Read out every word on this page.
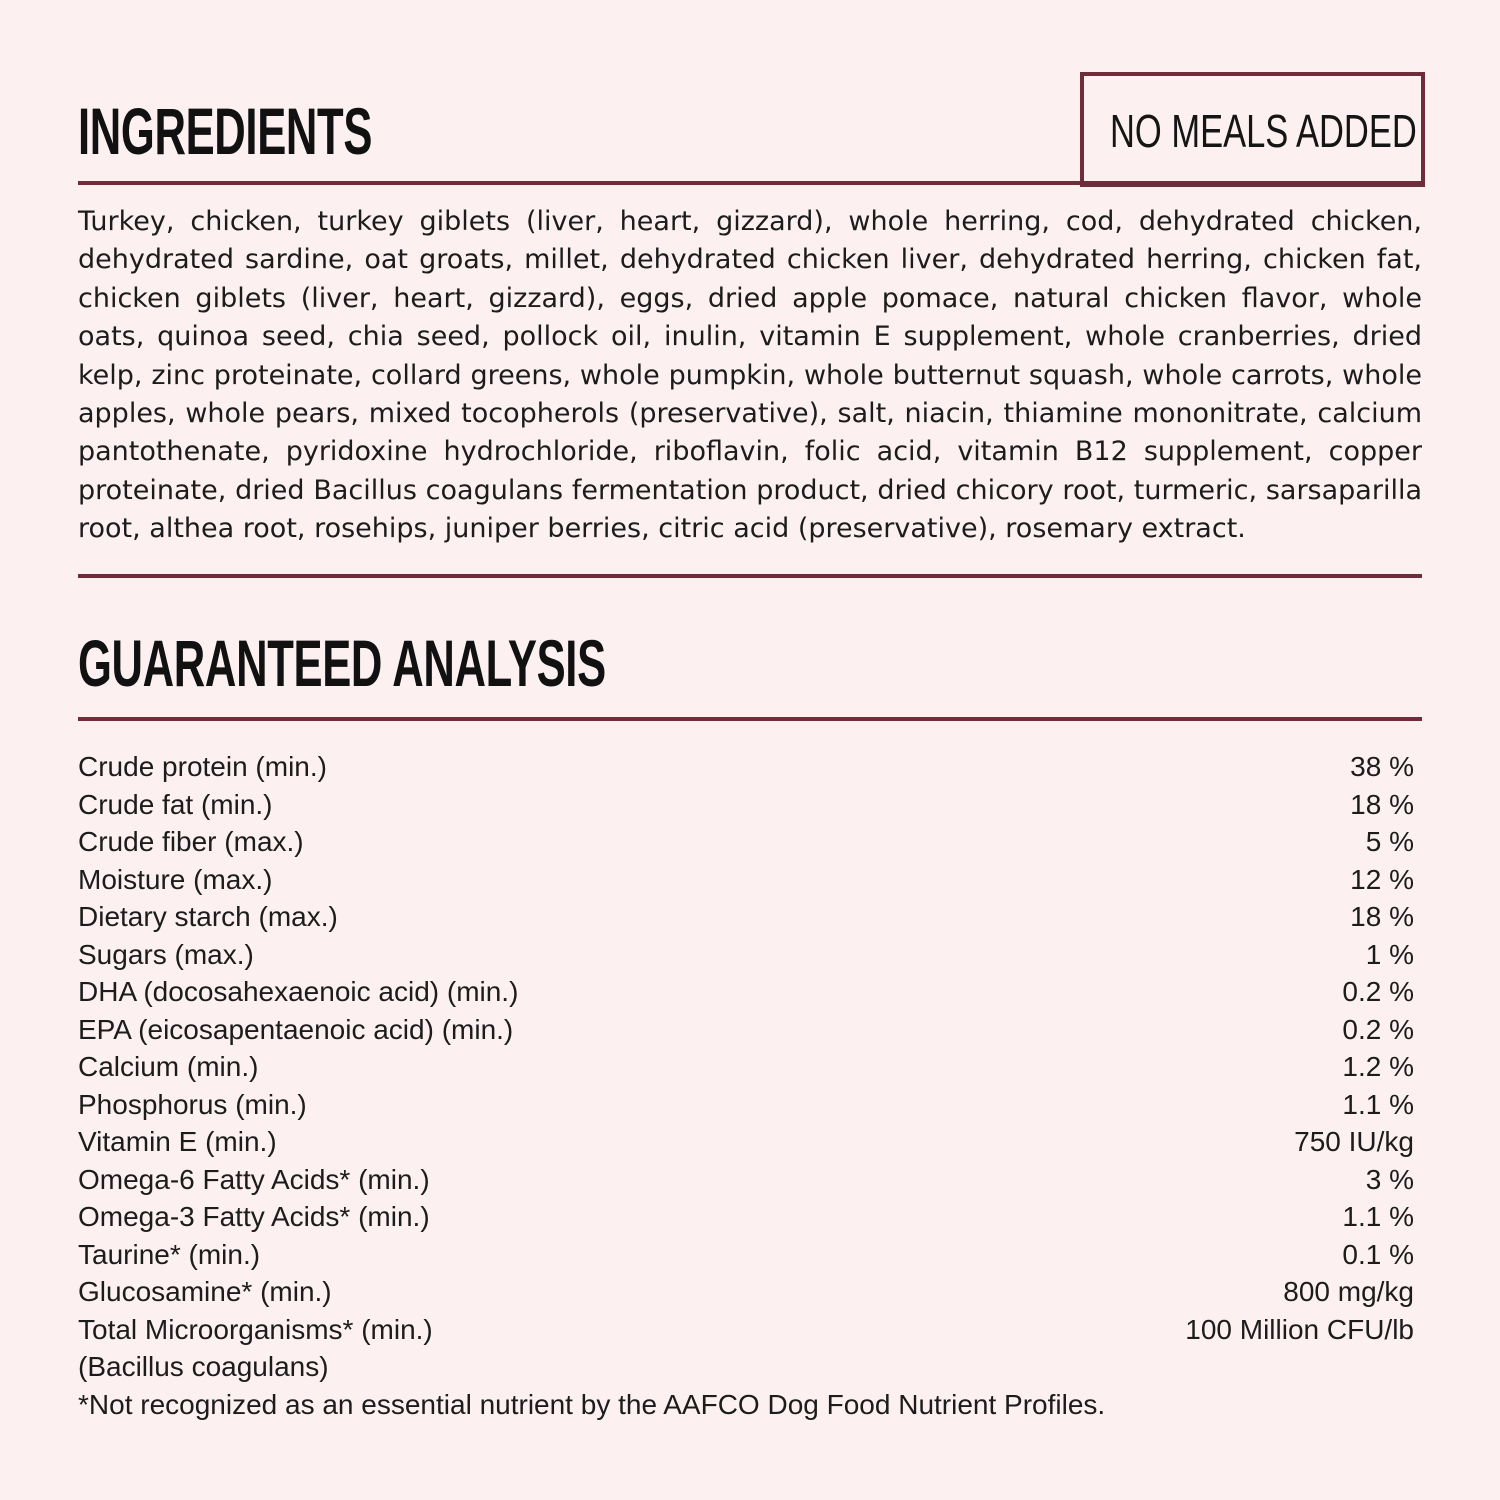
INGREDIENTS	NO MEALS ADDED

Turkey, chicken, turkey giblets (liver, heart, gizzard), whole herring, cod, dehydrated chicken, dehydrated sardine, oat groats, millet, dehydrated chicken liver, dehydrated herring, chicken fat, chicken giblets (liver, heart, gizzard), eggs, dried apple pomace, natural chicken flavor, whole oats, quinoa seed, chia seed, pollock oil, inulin, vitamin E supplement, whole cranberries, dried kelp, zinc proteinate, collard greens, whole pumpkin, whole butternut squash, whole carrots, whole apples, whole pears, mixed tocopherols (preservative), salt, niacin, thiamine mononitrate, calcium pantothenate, pyridoxine hydrochloride, riboflavin, folic acid, vitamin B12 supplement, copper proteinate, dried Bacillus coagulans fermentation product, dried chicory root, turmeric, sarsaparilla root, althea root, rosehips, juniper berries, citric acid (preservative), rosemary extract.

GUARANTEED ANALYSIS
Crude protein (min.)	38 %
Crude fat (min.)	18 %
Crude fiber (max.)	5 %
Moisture (max.)	12 %
Dietary starch (max.)	18 %
Sugars (max.)	1 %
DHA (docosahexaenoic acid) (min.)	0.2 %
EPA (eicosapentaenoic acid) (min.)	0.2 %
Calcium (min.)	1.2 %
Phosphorus (min.)	1.1 %
Vitamin E (min.)	750 IU/kg
Omega-6 Fatty Acids* (min.)	3 %
Omega-3 Fatty Acids* (min.)	1.1 %
Taurine* (min.)	0.1 %
Glucosamine* (min.)	800 mg/kg
Total Microorganisms* (min.)	100 Million CFU/lb
(Bacillus coagulans)
*Not recognized as an essential nutrient by the AAFCO Dog Food Nutrient Profiles.
